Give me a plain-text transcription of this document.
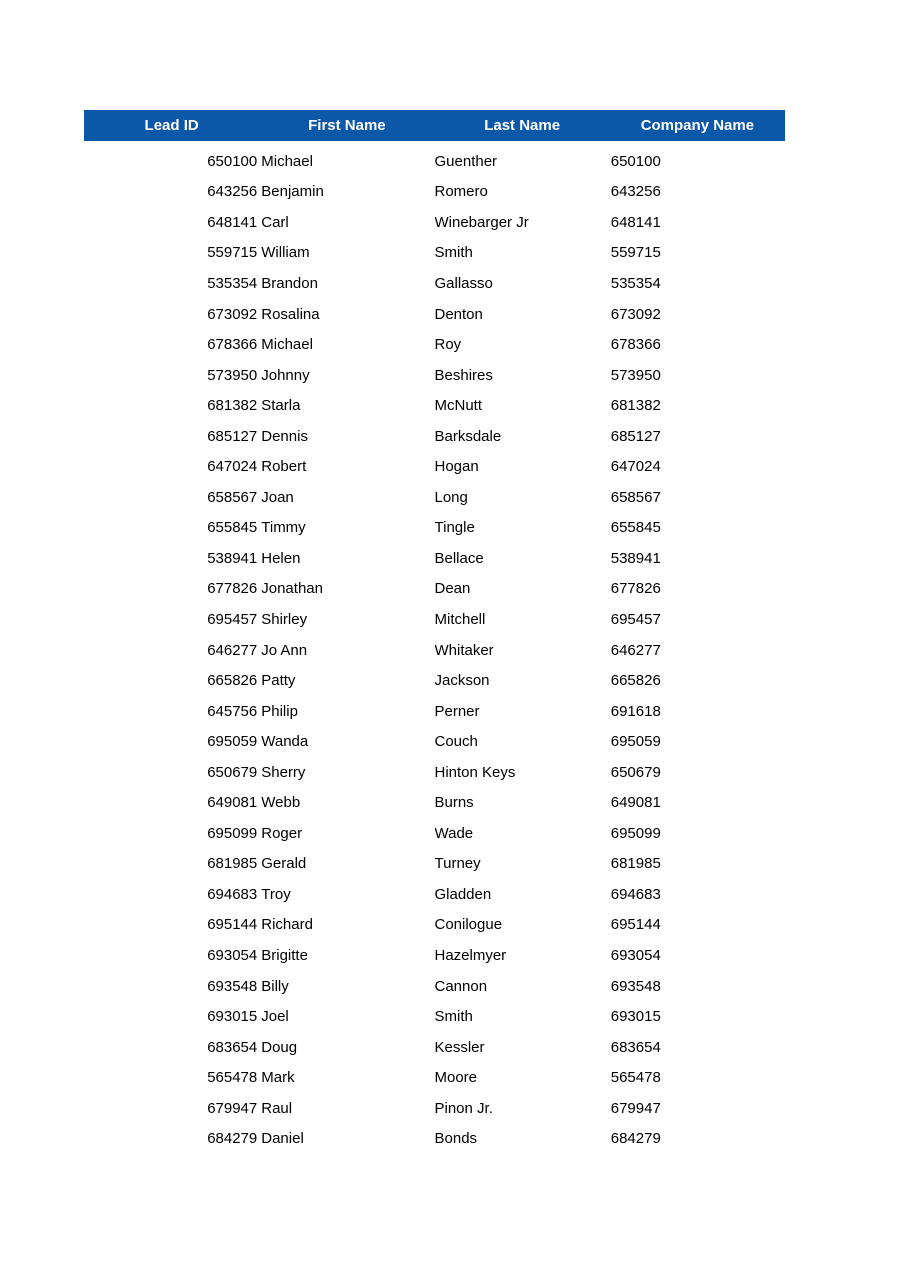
Lead ID	First Name	Last Name	Company Name
650100 Michael	Guenther	650100
643256 Benjamin	Romero	643256
648141 Carl	Winebarger Jr	648141
559715 William	Smith	559715
535354 Brandon	Gallasso	535354
673092 Rosalina	Denton	673092
678366 Michael	Roy	678366
573950 Johnny	Beshires	573950
681382 Starla	McNutt	681382
685127 Dennis	Barksdale	685127
647024 Robert	Hogan	647024
658567 Joan	Long	658567
655845 Timmy	Tingle	655845
538941 Helen	Bellace	538941
677826 Jonathan	Dean	677826
695457 Shirley	Mitchell	695457
646277 Jo Ann	Whitaker	646277
665826 Patty	Jackson	665826
645756 Philip	Perner	691618
695059 Wanda	Couch	695059
650679 Sherry	Hinton Keys	650679
649081 Webb	Burns	649081
695099 Roger	Wade	695099
681985 Gerald	Turney	681985
694683 Troy	Gladden	694683
695144 Richard	Conilogue	695144
693054 Brigitte	Hazelmyer	693054
693548 Billy	Cannon	693548
693015 Joel	Smith	693015
683654 Doug	Kessler	683654
565478 Mark	Moore	565478
679947 Raul	Pinon Jr.	679947
684279 Daniel	Bonds	684279
